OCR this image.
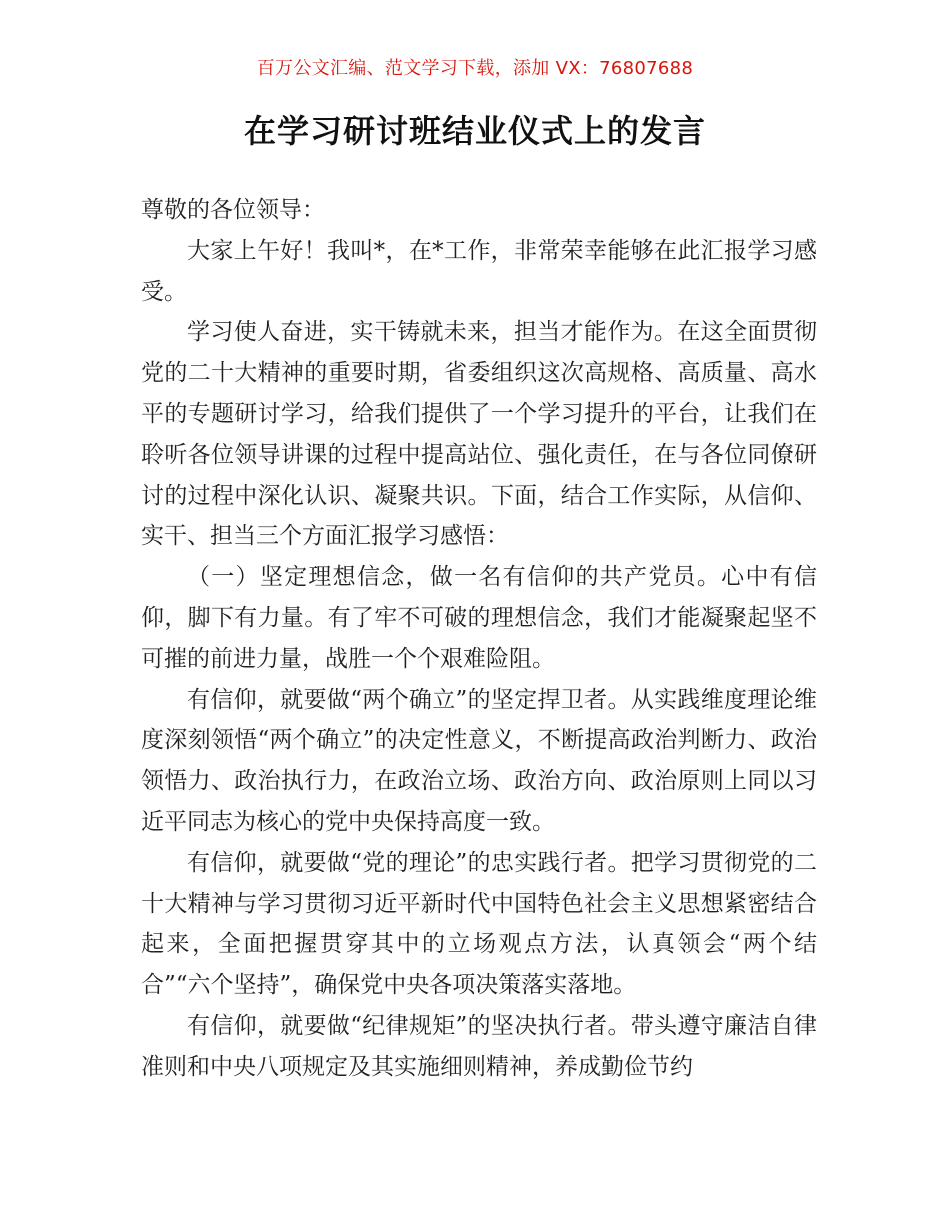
百万公文汇编、范文学习下载，添加 VX：76807688
在学习研讨班结业仪式上的发言

尊敬的各位领导：

大家上午好！我叫*，在*工作，非常荣幸能够在此汇报学习感受。

学习使人奋进，实干铸就未来，担当才能作为。在这全面贯彻党的二十大精神的重要时期，省委组织这次高规格、高质量、高水平的专题研讨学习，给我们提供了一个学习提升的平台，让我们在聆听各位领导讲课的过程中提高站位、强化责任，在与各位同僚研讨的过程中深化认识、凝聚共识。下面，结合工作实际，从信仰、实干、担当三个方面汇报学习感悟：

（一）坚定理想信念，做一名有信仰的共产党员。心中有信仰，脚下有力量。有了牢不可破的理想信念，我们才能凝聚起坚不可摧的前进力量，战胜一个个艰难险阻。

有信仰，就要做“两个确立”的坚定捍卫者。从实践维度理论维度深刻领悟“两个确立”的决定性意义，不断提高政治判断力、政治领悟力、政治执行力，在政治立场、政治方向、政治原则上同以习近平同志为核心的党中央保持高度一致。

有信仰，就要做“党的理论”的忠实践行者。把学习贯彻党的二十大精神与学习贯彻习近平新时代中国特色社会主义思想紧密结合起来，全面把握贯穿其中的立场观点方法，认真领会“两个结合”“六个坚持”，确保党中央各项决策落实落地。

有信仰，就要做“纪律规矩”的坚决执行者。带头遵守廉洁自律准则和中央八项规定及其实施细则精神，养成勤俭节约
